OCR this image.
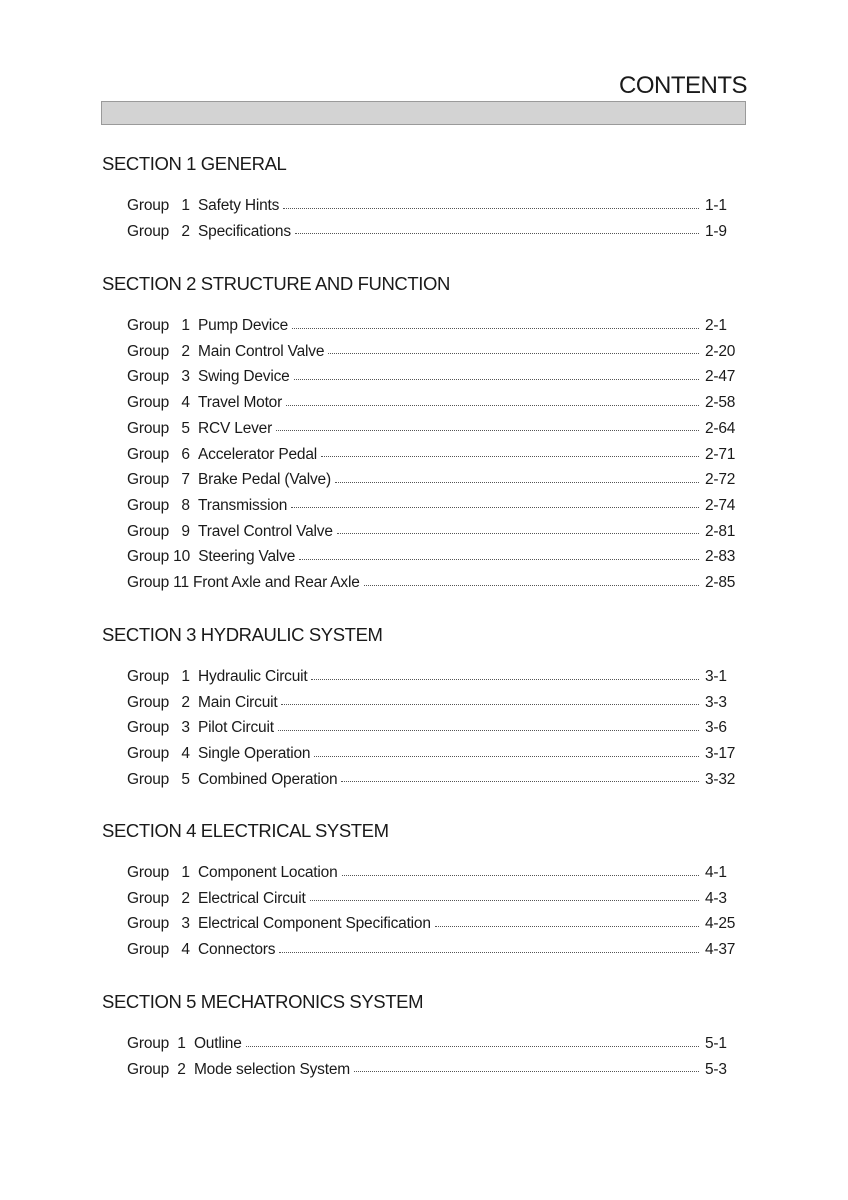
CONTENTS
SECTION 1 GENERAL
Group   1 Safety Hints	1-1
Group   2 Specifications	1-9
SECTION 2 STRUCTURE AND FUNCTION
Group   1 Pump Device	2-1
Group   2 Main Control Valve	2-20
Group   3 Swing Device	2-47
Group   4 Travel Motor	2-58
Group   5 RCV Lever	2-64
Group   6 Accelerator Pedal	2-71
Group   7 Brake Pedal (Valve)	2-72
Group   8 Transmission	2-74
Group   9 Travel Control Valve	2-81
Group 10 Steering Valve	2-83
Group 11 Front Axle and Rear Axle	2-85
SECTION 3 HYDRAULIC SYSTEM
Group   1 Hydraulic Circuit	3-1
Group   2 Main Circuit	3-3
Group   3 Pilot Circuit	3-6
Group   4 Single Operation	3-17
Group   5 Combined Operation	3-32
SECTION 4 ELECTRICAL SYSTEM
Group   1 Component Location	4-1
Group   2 Electrical Circuit	4-3
Group   3 Electrical Component Specification	4-25
Group   4 Connectors	4-37
SECTION 5 MECHATRONICS SYSTEM
Group  1 Outline	5-1
Group  2 Mode selection System	5-3
